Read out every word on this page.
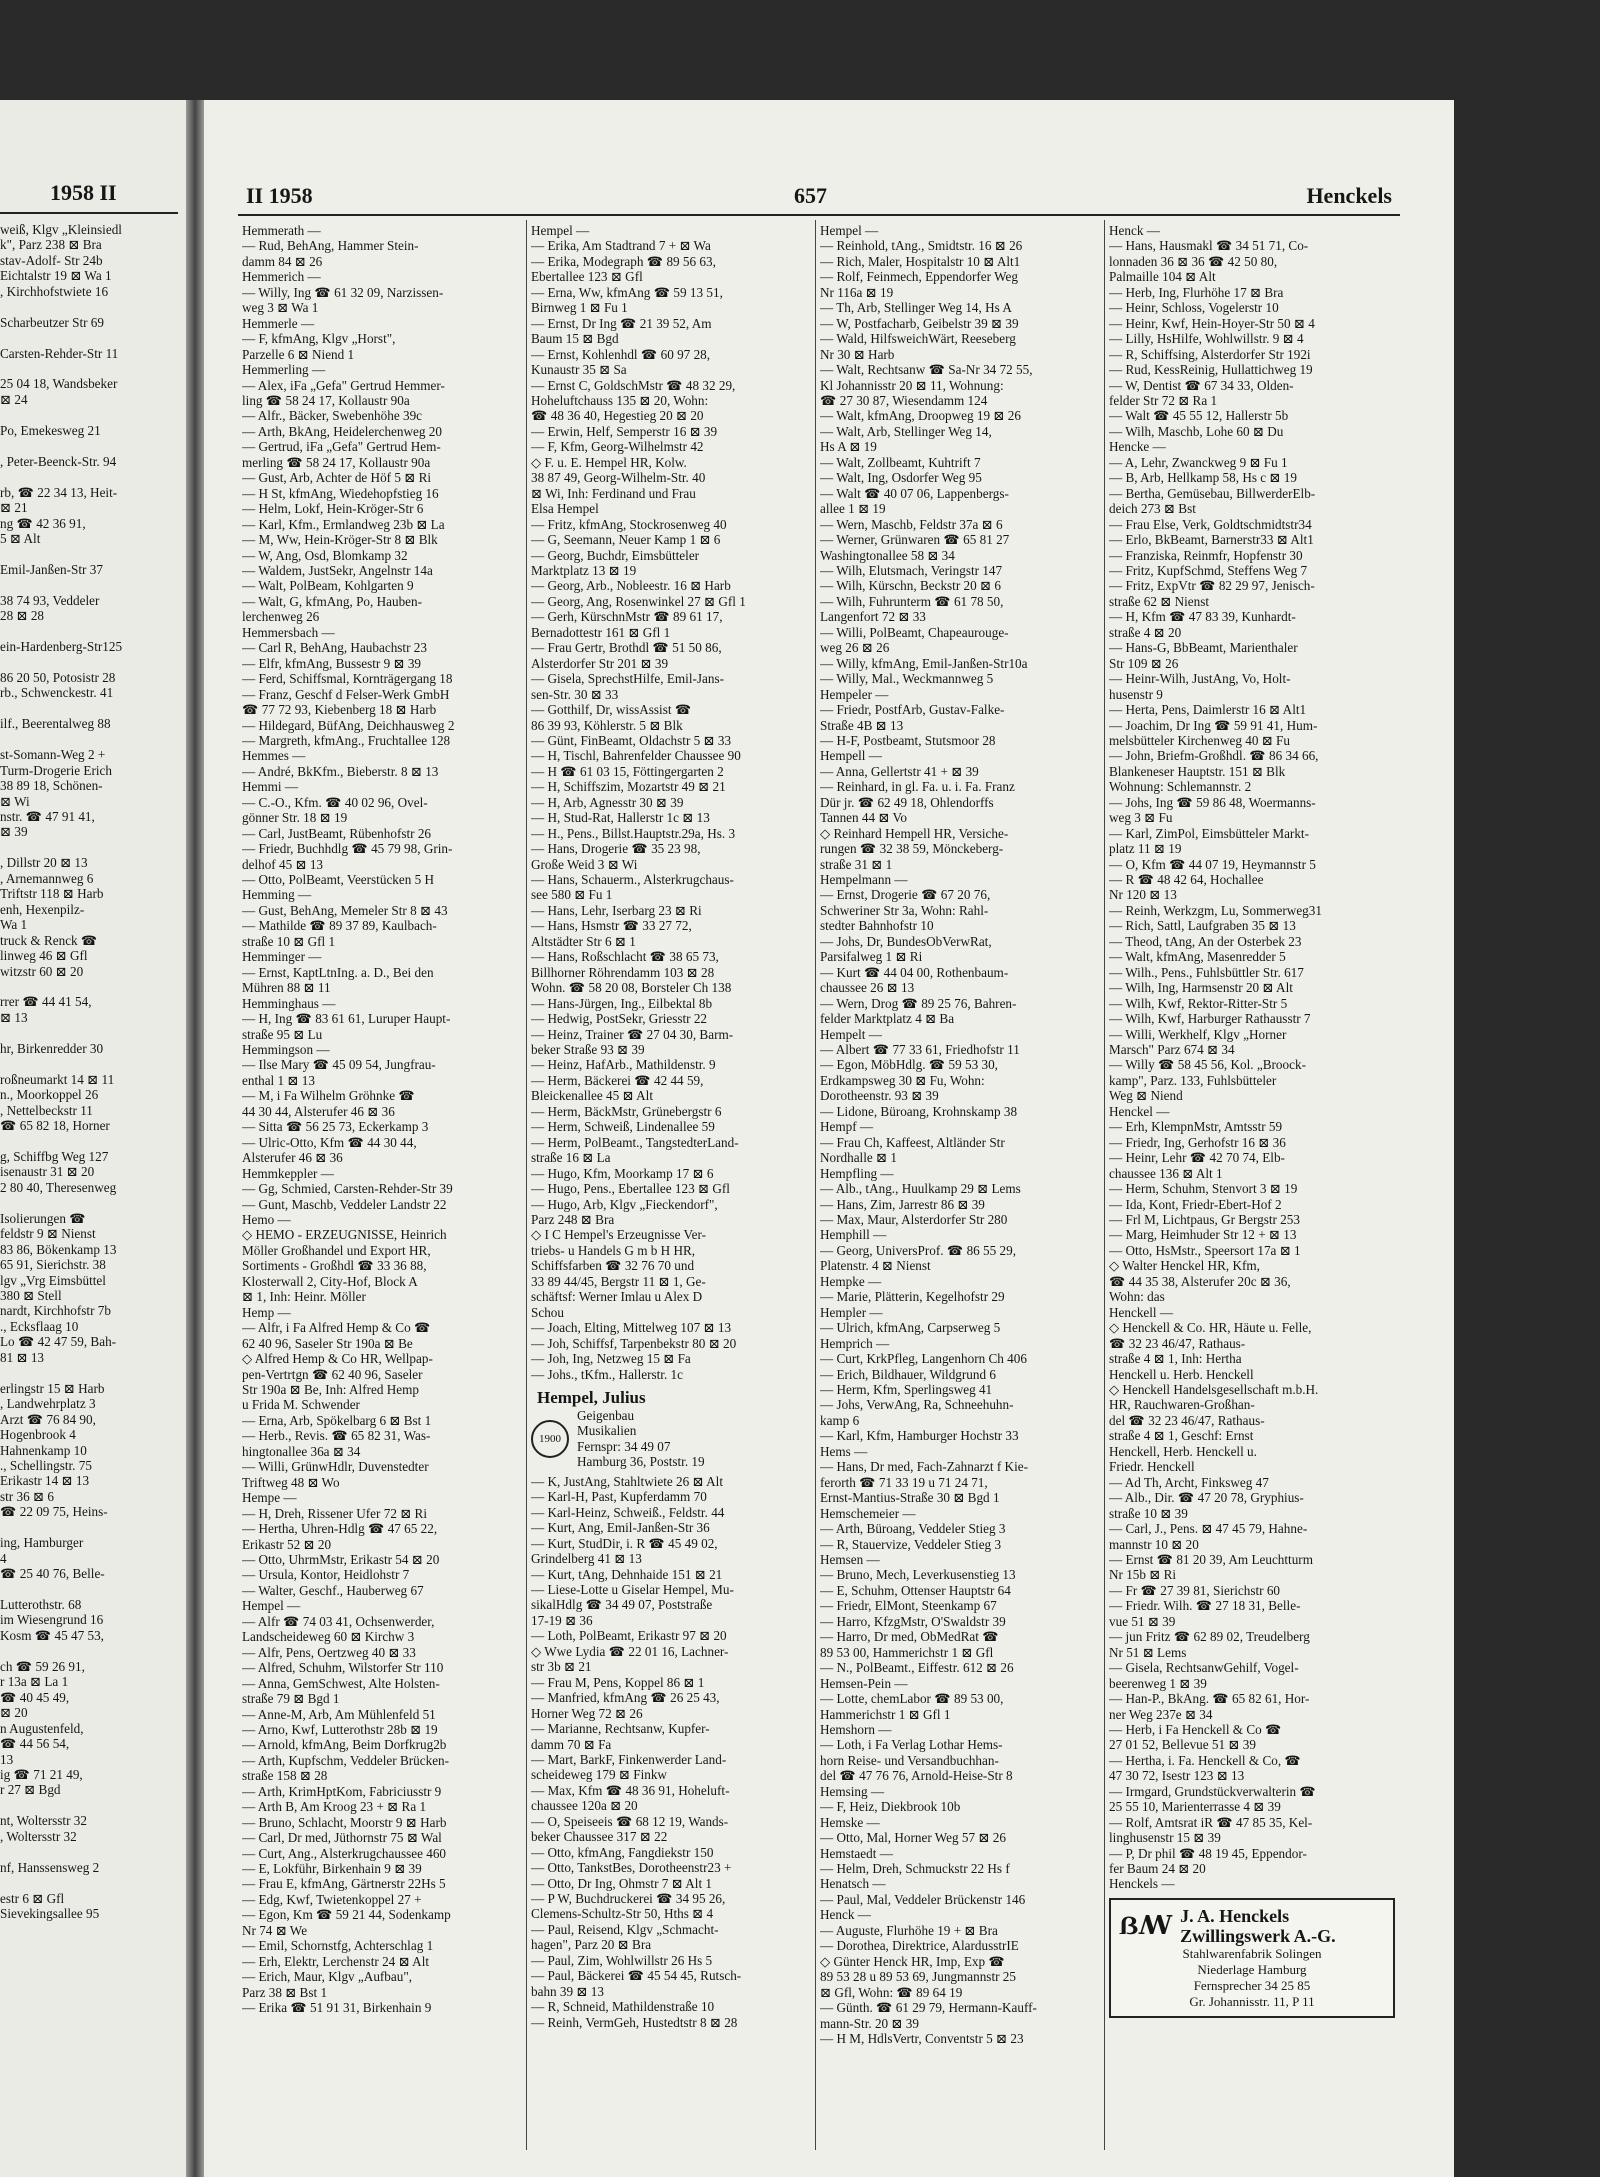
1958 II
weiß, Klgv „Kleinsiedl
k", Parz 238 ⊠ Bra
stav-Adolf- Str 24b
Eichtalstr 19 ⊠ Wa 1
, Kirchhofstwiete 16
Scharbeutzer Str 69
Carsten-Rehder-Str 11
25 04 18, Wandsbeker
⊠ 24
Po, Emekesweg 21
, Peter-Beenck-Str. 94
rb, ☎ 22 34 13, Heit-
⊠ 21
ng ☎ 42 36 91,
5 ⊠ Alt
Emil-Janßen-Str 37
38 74 93, Veddeler
28 ⊠ 28
ein-Hardenberg-Str125
86 20 50, Potosistr 28
rb., Schwenckestr. 41
ilf., Beerentalweg 88
st-Somann-Weg 2 +
Turm-Drogerie Erich
38 89 18, Schönen-
⊠ Wi
nstr. ☎ 47 91 41,
⊠ 39
, Dillstr 20 ⊠ 13
, Arnemannweg 6
Triftstr 118 ⊠ Harb
enh, Hexenpilz-
Wa 1
truck & Renck ☎
linweg 46 ⊠ Gfl
witzstr 60 ⊠ 20
rrer ☎ 44 41 54,
⊠ 13
hr, Birkenredder 30
roßneumarkt 14 ⊠ 11
n., Moorkoppel 26
, Nettelbeckstr 11
☎ 65 82 18, Horner
g, Schiffbg Weg 127
isenaustr 31 ⊠ 20
2 80 40, Theresenweg
Isolierungen ☎
feldstr 9 ⊠ Nienst
83 86, Bökenkamp 13
65 91, Sierichstr. 38
lgv „Vrg Eimsbüttel
380 ⊠ Stell
nardt, Kirchhofstr 7b
., Ecksflaag 10
Lo ☎ 42 47 59, Bah-
81 ⊠ 13
erlingstr 15 ⊠ Harb
, Landwehrplatz 3
Arzt ☎ 76 84 90,
Hogenbrook 4
Hahnenkamp 10
., Schellingstr. 75
Erikastr 14 ⊠ 13
str 36 ⊠ 6
☎ 22 09 75, Heins-
ing, Hamburger
4
☎ 25 40 76, Belle-
Lutterothstr. 68
im Wiesengrund 16
Kosm ☎ 45 47 53,
ch ☎ 59 26 91,
r 13a ⊠ La 1
☎ 40 45 49,
⊠ 20
n Augustenfeld,
☎ 44 56 54,
13
ig ☎ 71 21 49,
r 27 ⊠ Bgd
nt, Woltersstr 32
, Woltersstr 32
nf, Hanssensweg 2
estr 6 ⊠ Gfl
Sievekingsallee 95
II 1958	657	Henckels
Hemmerath —
— Rud, BehAng, Hammer Stein-
damm 84 ⊠ 26
Hemmerich —
— Willy, Ing ☎ 61 32 09, Narzissen-
weg 3 ⊠ Wa 1
Hemmerle —
— F, kfmAng, Klgv „Horst",
Parzelle 6 ⊠ Niend 1
Hemmerling —
— Alex, iFa „Gefa" Gertrud Hemmer-
ling ☎ 58 24 17, Kollaustr 90a
— Alfr., Bäcker, Swebenhöhe 39c
— Arth, BkAng, Heidelerchenweg 20
— Gertrud, iFa „Gefa" Gertrud Hem-
merling ☎ 58 24 17, Kollaustr 90a
— Gust, Arb, Achter de Höf 5 ⊠ Ri
— H St, kfmAng, Wiedehopfstieg 16
— Helm, Lokf, Hein-Kröger-Str 6
— Karl, Kfm., Ermlandweg 23b ⊠ La
— M, Ww, Hein-Kröger-Str 8 ⊠ Blk
— W, Ang, Osd, Blomkamp 32
— Waldem, JustSekr, Angelnstr 14a
— Walt, PolBeam, Kohlgarten 9
— Walt, G, kfmAng, Po, Hauben-
lerchenweg 26
Hemmersbach —
— Carl R, BehAng, Haubachstr 23
— Elfr, kfmAng, Bussestr 9 ⊠ 39
— Ferd, Schiffsmal, Kornträgergang 18
— Franz, Geschf d Felser-Werk GmbH
☎ 77 72 93, Kiebenberg 18 ⊠ Harb
— Hildegard, BüfAng, Deichhausweg 2
— Margreth, kfmAng., Fruchtallee 128
Hemmes —
— André, BkKfm., Bieberstr. 8 ⊠ 13
Hemmi —
— C.-O., Kfm. ☎ 40 02 96, Ovel-
gönner Str. 18 ⊠ 19
— Carl, JustBeamt, Rübenhofstr 26
— Friedr, Buchhdlg ☎ 45 79 98, Grin-
delhof 45 ⊠ 13
— Otto, PolBeamt, Veerstücken 5 H
Hemming —
— Gust, BehAng, Memeler Str 8 ⊠ 43
— Mathilde ☎ 89 37 89, Kaulbach-
straße 10 ⊠ Gfl 1
Hemminger —
— Ernst, KaptLtnIng. a. D., Bei den
Mühren 88 ⊠ 11
Hemminghaus —
— H, Ing ☎ 83 61 61, Luruper Haupt-
straße 95 ⊠ Lu
Hemmingson —
— Ilse Mary ☎ 45 09 54, Jungfrau-
enthal 1 ⊠ 13
— M, i Fa Wilhelm Gröhnke ☎
44 30 44, Alsterufer 46 ⊠ 36
— Sitta ☎ 56 25 73, Eckerkamp 3
— Ulric-Otto, Kfm ☎ 44 30 44,
Alsterufer 46 ⊠ 36
Hemmkeppler —
— Gg, Schmied, Carsten-Rehder-Str 39
— Gunt, Maschb, Veddeler Landstr 22
Hemo —
◇ HEMO - ERZEUGNISSE, Heinrich
Möller Großhandel und Export HR,
Sortiments - Großhdl ☎ 33 36 88,
Klosterwall 2, City-Hof, Block A
⊠ 1, Inh: Heinr. Möller
Hemp —
— Alfr, i Fa Alfred Hemp & Co ☎
62 40 96, Saseler Str 190a ⊠ Be
◇ Alfred Hemp & Co HR, Wellpap-
pen-Vertrtgn ☎ 62 40 96, Saseler
Str 190a ⊠ Be, Inh: Alfred Hemp
u Frida M. Schwender
— Erna, Arb, Spökelbarg 6 ⊠ Bst 1
— Herb., Revis. ☎ 65 82 31, Was-
hingtonallee 36a ⊠ 34
— Willi, GrünwHdlr, Duvenstedter
Triftweg 48 ⊠ Wo
Hempe —
— H, Dreh, Rissener Ufer 72 ⊠ Ri
— Hertha, Uhren-Hdlg ☎ 47 65 22,
Erikastr 52 ⊠ 20
— Otto, UhrmMstr, Erikastr 54 ⊠ 20
— Ursula, Kontor, Heidlohstr 7
— Walter, Geschf., Hauberweg 67
Hempel —
— Alfr ☎ 74 03 41, Ochsenwerder,
Landscheideweg 60 ⊠ Kirchw 3
— Alfr, Pens, Oertzweg 40 ⊠ 33
— Alfred, Schuhm, Wilstorfer Str 110
— Anna, GemSchwest, Alte Holsten-
straße 79 ⊠ Bgd 1
— Anne-M, Arb, Am Mühlenfeld 51
— Arno, Kwf, Lutterothstr 28b ⊠ 19
— Arnold, kfmAng, Beim Dorfkrug2b
— Arth, Kupfschm, Veddeler Brücken-
straße 158 ⊠ 28
— Arth, KrimHptKom, Fabriciusstr 9
— Arth B, Am Kroog 23 + ⊠ Ra 1
— Bruno, Schlacht, Moorstr 9 ⊠ Harb
— Carl, Dr med, Jüthornstr 75 ⊠ Wal
— Curt, Ang., Alsterkrugchaussee 460
— E, Lokführ, Birkenhain 9 ⊠ 39
— Frau E, kfmAng, Gärtnerstr 22Hs 5
— Edg, Kwf, Twietenkoppel 27 +
— Egon, Km ☎ 59 21 44, Sodenkamp
Nr 74 ⊠ We
— Emil, Schornstfg, Achterschlag 1
— Erh, Elektr, Lerchenstr 24 ⊠ Alt
— Erich, Maur, Klgv „Aufbau",
Parz 38 ⊠ Bst 1
— Erika ☎ 51 91 31, Birkenhain 9
Hempel —
— Erika, Am Stadtrand 7 + ⊠ Wa
— Erika, Modegraph ☎ 89 56 63,
Ebertallee 123 ⊠ Gfl
— Erna, Ww, kfmAng ☎ 59 13 51,
Birnweg 1 ⊠ Fu 1
— Ernst, Dr Ing ☎ 21 39 52, Am
Baum 15 ⊠ Bgd
— Ernst, Kohlenhdl ☎ 60 97 28,
Kunaustr 35 ⊠ Sa
— Ernst C, GoldschMstr ☎ 48 32 29,
Hoheluftchauss 135 ⊠ 20, Wohn:
☎ 48 36 40, Hegestieg 20 ⊠ 20
— Erwin, Helf, Semperstr 16 ⊠ 39
— F, Kfm, Georg-Wilhelmstr 42
◇ F. u. E. Hempel HR, Kolw.
38 87 49, Georg-Wilhelm-Str. 40
⊠ Wi, Inh: Ferdinand und Frau
Elsa Hempel
— Fritz, kfmAng, Stockrosenweg 40
— G, Seemann, Neuer Kamp 1 ⊠ 6
— Georg, Buchdr, Eimsbütteler
Marktplatz 13 ⊠ 19
— Georg, Arb., Nobleestr. 16 ⊠ Harb
— Georg, Ang, Rosenwinkel 27 ⊠ Gfl 1
— Gerh, KürschnMstr ☎ 89 61 17,
Bernadottestr 161 ⊠ Gfl 1
— Frau Gertr, Brothdl ☎ 51 50 86,
Alsterdorfer Str 201 ⊠ 39
— Gisela, SprechstHilfe, Emil-Jans-
sen-Str. 30 ⊠ 33
— Gotthilf, Dr, wissAssist ☎
86 39 93, Köhlerstr. 5 ⊠ Blk
— Günt, FinBeamt, Oldachstr 5 ⊠ 33
— H, Tischl, Bahrenfelder Chaussee 90
— H ☎ 61 03 15, Föttingergarten 2
— H, Schiffszim, Mozartstr 49 ⊠ 21
— H, Arb, Agnesstr 30 ⊠ 39
— H, Stud-Rat, Hallerstr 1c ⊠ 13
— H., Pens., Billst.Hauptstr.29a, Hs. 3
— Hans, Drogerie ☎ 35 23 98,
Große Weid 3 ⊠ Wi
— Hans, Schauerm., Alsterkrugchaus-
see 580 ⊠ Fu 1
— Hans, Lehr, Iserbarg 23 ⊠ Ri
— Hans, Hsmstr ☎ 33 27 72,
Altstädter Str 6 ⊠ 1
— Hans, Roßschlacht ☎ 38 65 73,
Billhorner Röhrendamm 103 ⊠ 28
Wohn. ☎ 58 20 08, Borsteler Ch 138
— Hans-Jürgen, Ing., Eilbektal 8b
— Hedwig, PostSekr, Griesstr 22
— Heinz, Trainer ☎ 27 04 30, Barm-
beker Straße 93 ⊠ 39
— Heinz, HafArb., Mathildenstr. 9
— Herm, Bäckerei ☎ 42 44 59,
Bleickenallee 45 ⊠ Alt
— Herm, BäckMstr, Grünebergstr 6
— Herm, Schweiß, Lindenallee 59
— Herm, PolBeamt., TangstedterLand-
straße 16 ⊠ La
— Hugo, Kfm, Moorkamp 17 ⊠ 6
— Hugo, Pens., Ebertallee 123 ⊠ Gfl
— Hugo, Arb, Klgv „Fieckendorf",
Parz 248 ⊠ Bra
◇ I C Hempel's Erzeugnisse Ver-
triebs- u Handels G m b H HR,
Schiffsfarben ☎ 32 76 70 und
33 89 44/45, Bergstr 11 ⊠ 1, Ge-
schäftsf: Werner Imlau u Alex D
Schou
— Joach, Elting, Mittelweg 107 ⊠ 13
— Joh, Schiffsf, Tarpenbekstr 80 ⊠ 20
— Joh, Ing, Netzweg 15 ⊠ Fa
— Johs., tKfm., Hallerstr. 1c
Hempel, Julius
1900
Geigenbau
Musikalien
Fernspr: 34 49 07
Hamburg 36, Poststr. 19
— K, JustAng, Stahltwiete 26 ⊠ Alt
— Karl-H, Past, Kupferdamm 70
— Karl-Heinz, Schweiß., Feldstr. 44
— Kurt, Ang, Emil-Janßen-Str 36
— Kurt, StudDir, i. R ☎ 45 49 02,
Grindelberg 41 ⊠ 13
— Kurt, tAng, Dehnhaide 151 ⊠ 21
— Liese-Lotte u Giselar Hempel, Mu-
sikalHdlg ☎ 34 49 07, Poststraße
17-19 ⊠ 36
— Loth, PolBeamt, Erikastr 97 ⊠ 20
◇ Wwe Lydia ☎ 22 01 16, Lachner-
str 3b ⊠ 21
— Frau M, Pens, Koppel 86 ⊠ 1
— Manfried, kfmAng ☎ 26 25 43,
Horner Weg 72 ⊠ 26
— Marianne, Rechtsanw, Kupfer-
damm 70 ⊠ Fa
— Mart, BarkF, Finkenwerder Land-
scheideweg 179 ⊠ Finkw
— Max, Kfm ☎ 48 36 91, Hoheluft-
chaussee 120a ⊠ 20
— O, Speiseeis ☎ 68 12 19, Wands-
beker Chaussee 317 ⊠ 22
— Otto, kfmAng, Fangdiekstr 150
— Otto, TankstBes, Dorotheenstr23 +
— Otto, Dr Ing, Ohmstr 7 ⊠ Alt 1
— P W, Buchdruckerei ☎ 34 95 26,
Clemens-Schultz-Str 50, Hths ⊠ 4
— Paul, Reisend, Klgv „Schmacht-
hagen", Parz 20 ⊠ Bra
— Paul, Zim, Wohlwillstr 26 Hs 5
— Paul, Bäckerei ☎ 45 54 45, Rutsch-
bahn 39 ⊠ 13
— R, Schneid, Mathildenstraße 10
— Reinh, VermGeh, Hustedtstr 8 ⊠ 28
Hempel —
— Reinhold, tAng., Smidtstr. 16 ⊠ 26
— Rich, Maler, Hospitalstr 10 ⊠ Alt1
— Rolf, Feinmech, Eppendorfer Weg
Nr 116a ⊠ 19
— Th, Arb, Stellinger Weg 14, Hs A
— W, Postfacharb, Geibelstr 39 ⊠ 39
— Wald, HilfsweichWärt, Reeseberg
Nr 30 ⊠ Harb
— Walt, Rechtsanw ☎ Sa-Nr 34 72 55,
Kl Johannisstr 20 ⊠ 11, Wohnung:
☎ 27 30 87, Wiesendamm 124
— Walt, kfmAng, Droopweg 19 ⊠ 26
— Walt, Arb, Stellinger Weg 14,
Hs A ⊠ 19
— Walt, Zollbeamt, Kuhtrift 7
— Walt, Ing, Osdorfer Weg 95
— Walt ☎ 40 07 06, Lappenbergs-
allee 1 ⊠ 19
— Wern, Maschb, Feldstr 37a ⊠ 6
— Werner, Grünwaren ☎ 65 81 27
Washingtonallee 58 ⊠ 34
— Wilh, Elutsmach, Veringstr 147
— Wilh, Kürschn, Beckstr 20 ⊠ 6
— Wilh, Fuhrunterm ☎ 61 78 50,
Langenfort 72 ⊠ 33
— Willi, PolBeamt, Chapeaurouge-
weg 26 ⊠ 26
— Willy, kfmAng, Emil-Janßen-Str10a
— Willy, Mal., Weckmannweg 5
Hempeler —
— Friedr, PostfArb, Gustav-Falke-
Straße 4B ⊠ 13
— H-F, Postbeamt, Stutsmoor 28
Hempell —
— Anna, Gellertstr 41 + ⊠ 39
— Reinhard, in gl. Fa. u. i. Fa. Franz
Dür jr. ☎ 62 49 18, Ohlendorffs
Tannen 44 ⊠ Vo
◇ Reinhard Hempell HR, Versiche-
rungen ☎ 32 38 59, Mönckeberg-
straße 31 ⊠ 1
Hempelmann —
— Ernst, Drogerie ☎ 67 20 76,
Schweriner Str 3a, Wohn: Rahl-
stedter Bahnhofstr 10
— Johs, Dr, BundesObVerwRat,
Parsifalweg 1 ⊠ Ri
— Kurt ☎ 44 04 00, Rothenbaum-
chaussee 26 ⊠ 13
— Wern, Drog ☎ 89 25 76, Bahren-
felder Marktplatz 4 ⊠ Ba
Hempelt —
— Albert ☎ 77 33 61, Friedhofstr 11
— Egon, MöbHdlg. ☎ 59 53 30,
Erdkampsweg 30 ⊠ Fu, Wohn:
Dorotheenstr. 93 ⊠ 39
— Lidone, Büroang, Krohnskamp 38
Hempf —
— Frau Ch, Kaffeest, Altländer Str
Nordhalle ⊠ 1
Hempfling —
— Alb., tAng., Huulkamp 29 ⊠ Lems
— Hans, Zim, Jarrestr 86 ⊠ 39
— Max, Maur, Alsterdorfer Str 280
Hemphill —
— Georg, UniversProf. ☎ 86 55 29,
Platenstr. 4 ⊠ Nienst
Hempke —
— Marie, Plätterin, Kegelhofstr 29
Hempler —
— Ulrich, kfmAng, Carpserweg 5
Hemprich —
— Curt, KrkPfleg, Langenhorn Ch 406
— Erich, Bildhauer, Wildgrund 6
— Herm, Kfm, Sperlingsweg 41
— Johs, VerwAng, Ra, Schneehuhn-
kamp 6
— Karl, Kfm, Hamburger Hochstr 33
Hems —
— Hans, Dr med, Fach-Zahnarzt f Kie-
ferorth ☎ 71 33 19 u 71 24 71,
Ernst-Mantius-Straße 30 ⊠ Bgd 1
Hemschemeier —
— Arth, Büroang, Veddeler Stieg 3
— R, Stauervize, Veddeler Stieg 3
Hemsen —
— Bruno, Mech, Leverkusenstieg 13
— E, Schuhm, Ottenser Hauptstr 64
— Friedr, ElMont, Steenkamp 67
— Harro, KfzgMstr, O'Swaldstr 39
— Harro, Dr med, ObMedRat ☎
89 53 00, Hammerichstr 1 ⊠ Gfl
— N., PolBeamt., Eiffestr. 612 ⊠ 26
Hemsen-Pein —
— Lotte, chemLabor ☎ 89 53 00,
Hammerichstr 1 ⊠ Gfl 1
Hemshorn —
— Loth, i Fa Verlag Lothar Hems-
horn Reise- und Versandbuchhan-
del ☎ 47 76 76, Arnold-Heise-Str 8
Hemsing —
— F, Heiz, Diekbrook 10b
Hemske —
— Otto, Mal, Horner Weg 57 ⊠ 26
Hemstaedt —
— Helm, Dreh, Schmuckstr 22 Hs f
Henatsch —
— Paul, Mal, Veddeler Brückenstr 146
Henck —
— Auguste, Flurhöhe 19 + ⊠ Bra
— Dorothea, Direktrice, AlardusstrIE
◇ Günter Henck HR, Imp, Exp ☎
89 53 28 u 89 53 69, Jungmannstr 25
⊠ Gfl, Wohn: ☎ 89 64 19
— Günth. ☎ 61 29 79, Hermann-Kauff-
mann-Str. 20 ⊠ 39
— H M, HdlsVertr, Conventstr 5 ⊠ 23
Henck —
— Hans, Hausmakl ☎ 34 51 71, Co-
lonnaden 36 ⊠ 36 ☎ 42 50 80,
Palmaille 104 ⊠ Alt
— Herb, Ing, Flurhöhe 17 ⊠ Bra
— Heinr, Schloss, Vogelerstr 10
— Heinr, Kwf, Hein-Hoyer-Str 50 ⊠ 4
— Lilly, HsHilfe, Wohlwillstr. 9 ⊠ 4
— R, Schiffsing, Alsterdorfer Str 192i
— Rud, KessReinig, Hullattichweg 19
— W, Dentist ☎ 67 34 33, Olden-
felder Str 72 ⊠ Ra 1
— Walt ☎ 45 55 12, Hallerstr 5b
— Wilh, Maschb, Lohe 60 ⊠ Du
Hencke —
— A, Lehr, Zwanckweg 9 ⊠ Fu 1
— B, Arb, Hellkamp 58, Hs c ⊠ 19
— Bertha, Gemüsebau, BillwerderElb-
deich 273 ⊠ Bst
— Frau Else, Verk, Goldtschmidtstr34
— Erlo, BkBeamt, Barnerstr33 ⊠ Alt1
— Franziska, Reinmfr, Hopfenstr 30
— Fritz, KupfSchmd, Steffens Weg 7
— Fritz, ExpVtr ☎ 82 29 97, Jenisch-
straße 62 ⊠ Nienst
— H, Kfm ☎ 47 83 39, Kunhardt-
straße 4 ⊠ 20
— Hans-G, BbBeamt, Marienthaler
Str 109 ⊠ 26
— Heinr-Wilh, JustAng, Vo, Holt-
husenstr 9
— Herta, Pens, Daimlerstr 16 ⊠ Alt1
— Joachim, Dr Ing ☎ 59 91 41, Hum-
melsbütteler Kirchenweg 40 ⊠ Fu
— John, Briefm-Großhdl. ☎ 86 34 66,
Blankeneser Hauptstr. 151 ⊠ Blk
Wohnung: Schlemannstr. 2
— Johs, Ing ☎ 59 86 48, Woermanns-
weg 3 ⊠ Fu
— Karl, ZimPol, Eimsbütteler Markt-
platz 11 ⊠ 19
— O, Kfm ☎ 44 07 19, Heymannstr 5
— R ☎ 48 42 64, Hochallee
Nr 120 ⊠ 13
— Reinh, Werkzgm, Lu, Sommerweg31
— Rich, Sattl, Laufgraben 35 ⊠ 13
— Theod, tAng, An der Osterbek 23
— Walt, kfmAng, Masenredder 5
— Wilh., Pens., Fuhlsbüttler Str. 617
— Wilh, Ing, Harmsenstr 20 ⊠ Alt
— Wilh, Kwf, Rektor-Ritter-Str 5
— Wilh, Kwf, Harburger Rathausstr 7
— Willi, Werkhelf, Klgv „Horner
Marsch" Parz 674 ⊠ 34
— Willy ☎ 58 45 56, Kol. „Broock-
kamp", Parz. 133, Fuhlsbütteler
Weg ⊠ Niend
Henckel —
— Erh, KlempnMstr, Amtsstr 59
— Friedr, Ing, Gerhofstr 16 ⊠ 36
— Heinr, Lehr ☎ 42 70 74, Elb-
chaussee 136 ⊠ Alt 1
— Herm, Schuhm, Stenvort 3 ⊠ 19
— Ida, Kont, Friedr-Ebert-Hof 2
— Frl M, Lichtpaus, Gr Bergstr 253
— Marg, Heimhuder Str 12 + ⊠ 13
— Otto, HsMstr., Speersort 17a ⊠ 1
◇ Walter Henckel HR, Kfm,
☎ 44 35 38, Alsterufer 20c ⊠ 36,
Wohn: das
Henckell —
◇ Henckell & Co. HR, Häute u. Felle,
☎ 32 23 46/47, Rathaus-
straße 4 ⊠ 1, Inh: Hertha
Henckell u. Herb. Henckell
◇ Henckell Handelsgesellschaft m.b.H.
HR, Rauchwaren-Großhan-
del ☎ 32 23 46/47, Rathaus-
straße 4 ⊠ 1, Geschf: Ernst
Henckell, Herb. Henckell u.
Friedr. Henckell
— Ad Th, Archt, Finksweg 47
— Alb., Dir. ☎ 47 20 78, Gryphius-
straße 10 ⊠ 39
— Carl, J., Pens. ⊠ 47 45 79, Hahne-
mannstr 10 ⊠ 20
— Ernst ☎ 81 20 39, Am Leuchtturm
Nr 15b ⊠ Ri
— Fr ☎ 27 39 81, Sierichstr 60
— Friedr. Wilh. ☎ 27 18 31, Belle-
vue 51 ⊠ 39
— jun Fritz ☎ 62 89 02, Treudelberg
Nr 51 ⊠ Lems
— Gisela, RechtsanwGehilf, Vogel-
beerenweg 1 ⊠ 39
— Han-P., BkAng. ☎ 65 82 61, Hor-
ner Weg 237e ⊠ 34
— Herb, i Fa Henckell & Co ☎
27 01 52, Bellevue 51 ⊠ 39
— Hertha, i. Fa. Henckell & Co, ☎
47 30 72, Isestr 123 ⊠ 13
— Irmgard, Grundstückverwalterin ☎
25 55 10, Marienterrasse 4 ⊠ 39
— Rolf, Amtsrat iR ☎ 47 85 35, Kel-
linghusenstr 15 ⊠ 39
— P, Dr phil ☎ 48 19 45, Eppendor-
fer Baum 24 ⊠ 20
Henckels —
ẞꟿ J. A. Henckels
Zwillingswerk A.-G.
Stahlwarenfabrik Solingen
Niederlage Hamburg
Fernsprecher 34 25 85
Gr. Johannisstr. 11, P 11
